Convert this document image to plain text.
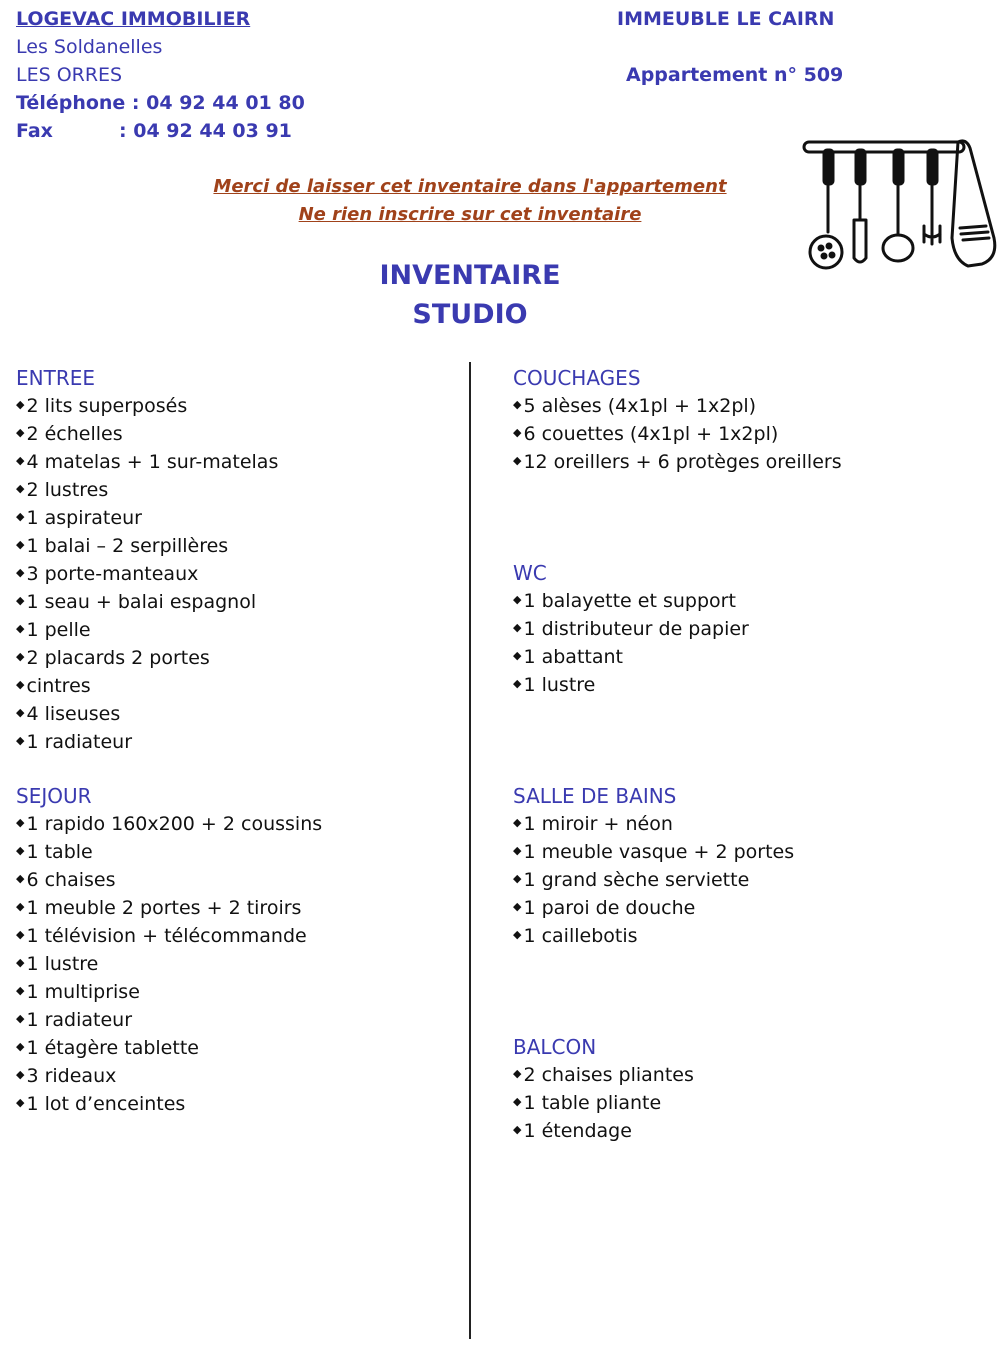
LOGEVAC IMMOBILIER
Les Soldanelles
LES ORRES
Téléphone : 04 92 44 01 80
Fax	: 04 92 44 03 91
IMMEUBLE LE CAIRN
Appartement n° 509
Merci de laisser cet inventaire dans l'appartement
Ne rien inscrire sur cet inventaire
INVENTAIRE
STUDIO
ENTREE
◆ 2 lits superposés
◆ 2 échelles
◆ 4 matelas + 1 sur-matelas
◆ 2 lustres
◆ 1 aspirateur
◆ 1 balai – 2 serpillères
◆ 3 porte-manteaux
◆ 1 seau + balai espagnol
◆ 1 pelle
◆ 2 placards 2 portes
◆ cintres
◆ 4 liseuses
◆ 1 radiateur
SEJOUR
◆ 1 rapido 160x200 + 2 coussins
◆ 1 table
◆ 6 chaises
◆ 1 meuble 2 portes + 2 tiroirs
◆ 1 télévision + télécommande
◆ 1 lustre
◆ 1 multiprise
◆ 1 radiateur
◆ 1 étagère tablette
◆ 3 rideaux
◆ 1 lot d’enceintes
COUCHAGES
◆ 5 alèses (4x1pl + 1x2pl)
◆ 6 couettes (4x1pl + 1x2pl)
◆ 12 oreillers + 6 protèges oreillers
WC
◆ 1 balayette et support
◆ 1 distributeur de papier
◆ 1 abattant
◆ 1 lustre
SALLE DE BAINS
◆ 1 miroir + néon
◆ 1 meuble vasque + 2 portes
◆ 1 grand sèche serviette
◆ 1 paroi de douche
◆ 1 caillebotis
BALCON
◆ 2 chaises pliantes
◆ 1 table pliante
◆ 1 étendage
